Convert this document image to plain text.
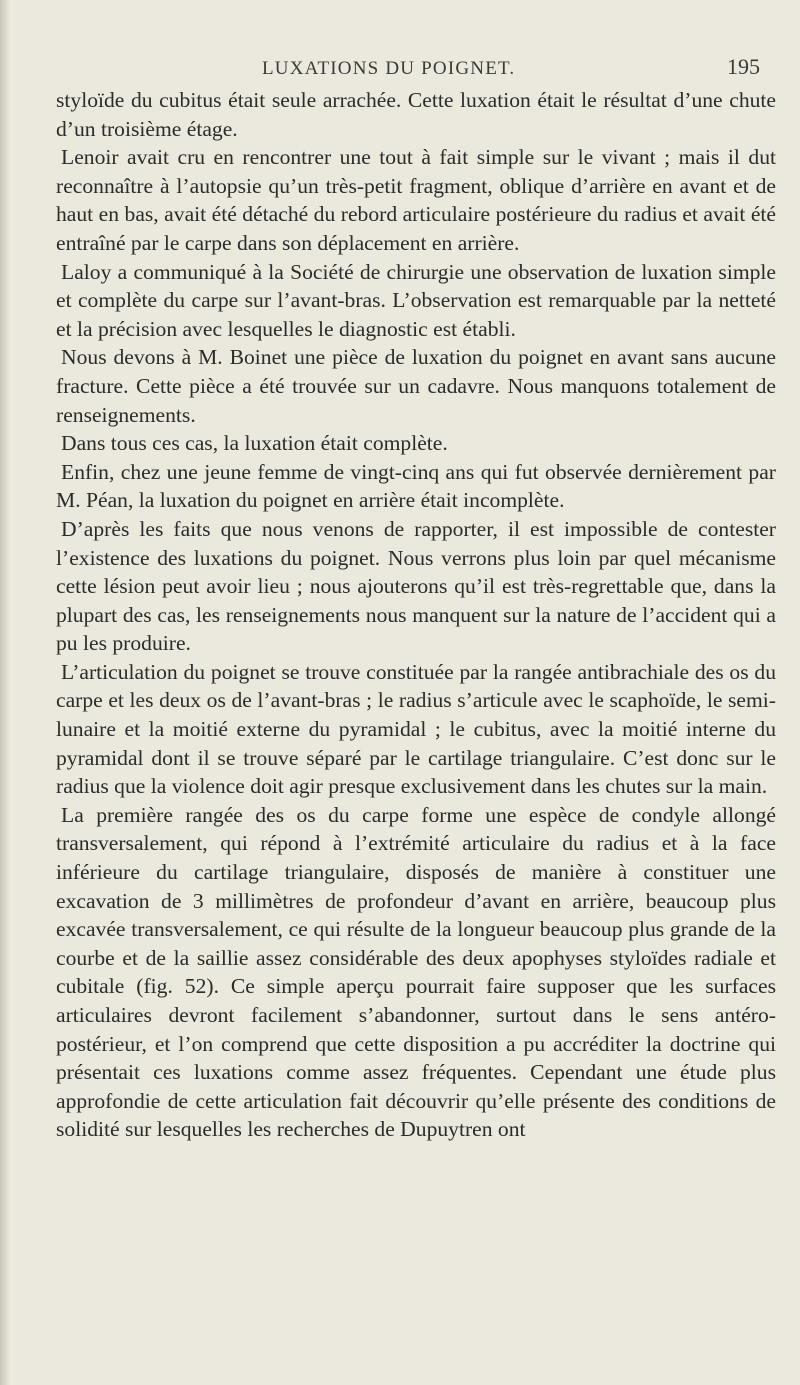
LUXATIONS DU POIGNET.	195

styloïde du cubitus était seule arrachée. Cette luxation était le résultat d’une chute d’un troisième étage.

Lenoir avait cru en rencontrer une tout à fait simple sur le vivant ; mais il dut reconnaître à l’autopsie qu’un très-petit fragment, oblique d’arrière en avant et de haut en bas, avait été détaché du rebord articulaire postérieure du radius et avait été entraîné par le carpe dans son déplacement en arrière.

Laloy a communiqué à la Société de chirurgie une observation de luxation simple et complète du carpe sur l’avant-bras. L’observation est remarquable par la netteté et la précision avec lesquelles le diagnostic est établi.

Nous devons à M. Boinet une pièce de luxation du poignet en avant sans aucune fracture. Cette pièce a été trouvée sur un cadavre. Nous manquons totalement de renseignements.

Dans tous ces cas, la luxation était complète.

Enfin, chez une jeune femme de vingt-cinq ans qui fut observée dernièrement par M. Péan, la luxation du poignet en arrière était incomplète.

D’après les faits que nous venons de rapporter, il est impossible de contester l’existence des luxations du poignet. Nous verrons plus loin par quel mécanisme cette lésion peut avoir lieu ; nous ajouterons qu’il est très-regrettable que, dans la plupart des cas, les renseignements nous manquent sur la nature de l’accident qui a pu les produire.

L’articulation du poignet se trouve constituée par la rangée antibrachiale des os du carpe et les deux os de l’avant-bras ; le radius s’articule avec le scaphoïde, le semi-lunaire et la moitié externe du pyramidal ; le cubitus, avec la moitié interne du pyramidal dont il se trouve séparé par le cartilage triangulaire. C’est donc sur le radius que la violence doit agir presque exclusivement dans les chutes sur la main.

La première rangée des os du carpe forme une espèce de condyle allongé transversalement, qui répond à l’extrémité articulaire du radius et à la face inférieure du cartilage triangulaire, disposés de manière à constituer une excavation de 3 millimètres de profondeur d’avant en arrière, beaucoup plus excavée transversalement, ce qui résulte de la longueur beaucoup plus grande de la courbe et de la saillie assez considérable des deux apophyses styloïdes radiale et cubitale (fig. 52). Ce simple aperçu pourrait faire supposer que les surfaces articulaires devront facilement s’abandonner, surtout dans le sens antéro-postérieur, et l’on comprend que cette disposition a pu accréditer la doctrine qui présentait ces luxations comme assez fréquentes. Cependant une étude plus approfondie de cette articulation fait découvrir qu’elle présente des conditions de solidité sur lesquelles les recherches de Dupuytren ont
